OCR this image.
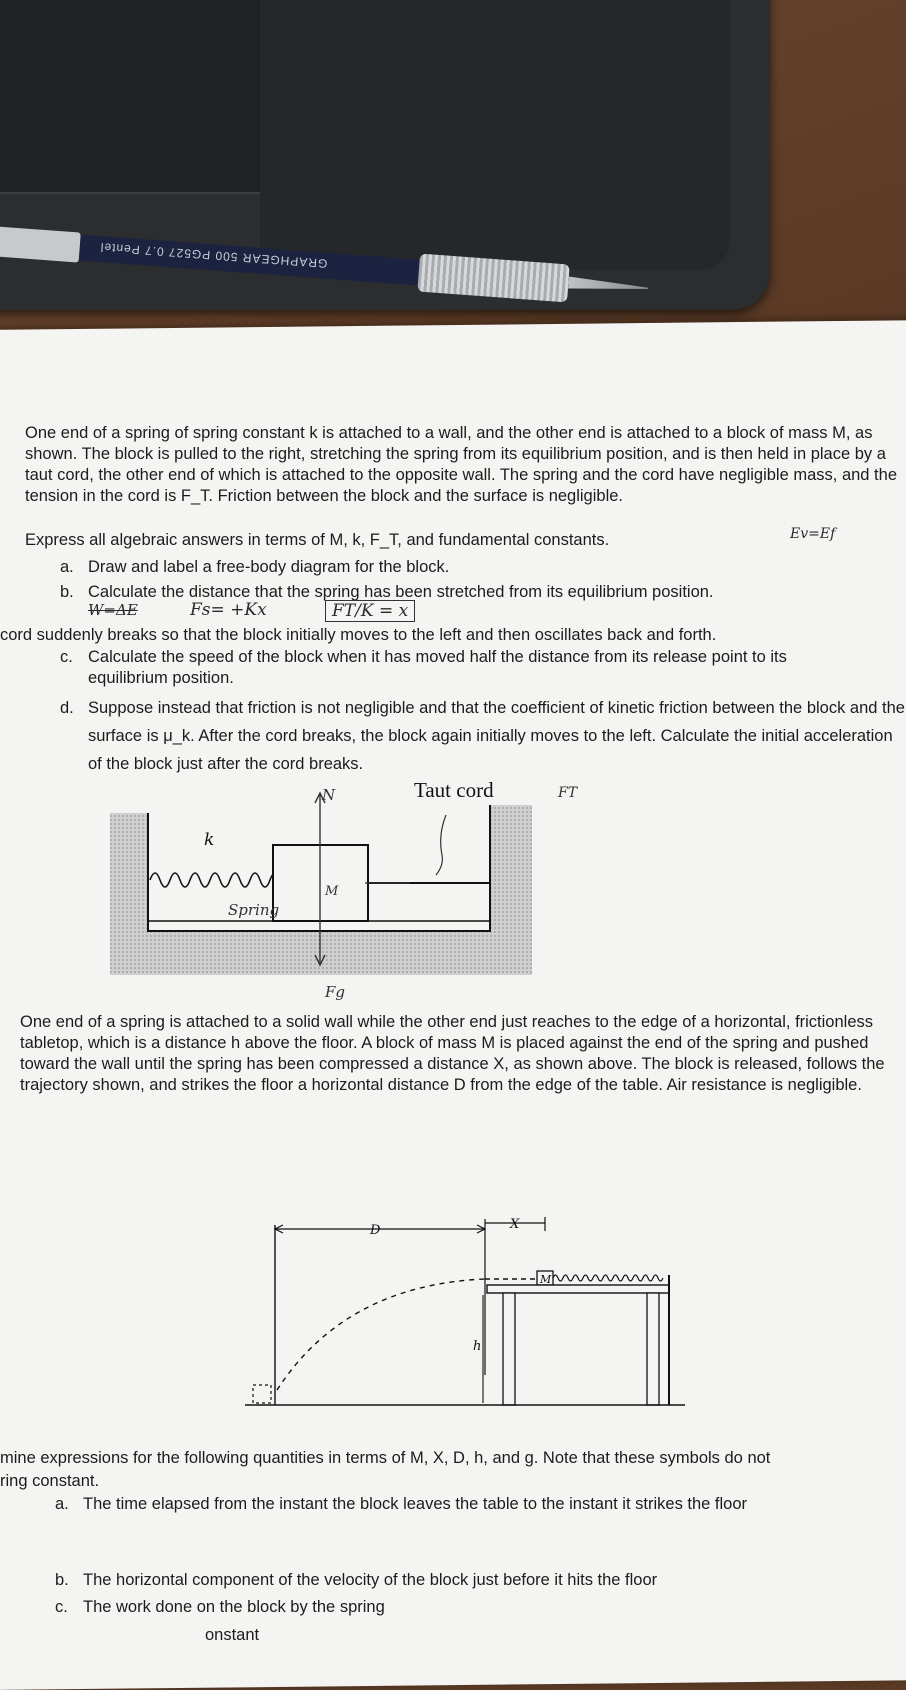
GRAPHGEAR 500 PG527 0.7 Pentel
One end of a spring of spring constant k is attached to a wall, and the other end is attached to a block of mass M, as shown. The block is pulled to the right, stretching the spring from its equilibrium position, and is then held in place by a taut cord, the other end of which is attached to the opposite wall. The spring and the cord have negligible mass, and the tension in the cord is F_T. Friction between the block and the surface is negligible.
Express all algebraic answers in terms of M, k, F_T, and fundamental constants.
a. Draw and label a free-body diagram for the block.
b. Calculate the distance that the spring has been stretched from its equilibrium position.
W=ΔE	Fs= +Kx	FT/K = x
Ev=Ef
cord suddenly breaks so that the block initially moves to the left and then oscillates back and forth.
c. Calculate the speed of the block when it has moved half the distance from its release point to its equilibrium position.
d. Suppose instead that friction is not negligible and that the coefficient of kinetic friction between the block and the surface is μ_k. After the cord breaks, the block again initially moves to the left. Calculate the initial acceleration of the block just after the cord breaks.
k
Taut cord
N	FT
Spring
M
Fg
One end of a spring is attached to a solid wall while the other end just reaches to the edge of a horizontal, frictionless tabletop, which is a distance h above the floor. A block of mass M is placed against the end of the spring and pushed toward the wall until the spring has been compressed a distance X, as shown above. The block is released, follows the trajectory shown, and strikes the floor a horizontal distance D from the edge of the table. Air resistance is negligible.
D	X
M
h
mine expressions for the following quantities in terms of M, X, D, h, and g. Note that these symbols do not
ring constant.
a. The time elapsed from the instant the block leaves the table to the instant it strikes the floor
b. The horizontal component of the velocity of the block just before it hits the floor
c. The work done on the block by the spring
onstant
